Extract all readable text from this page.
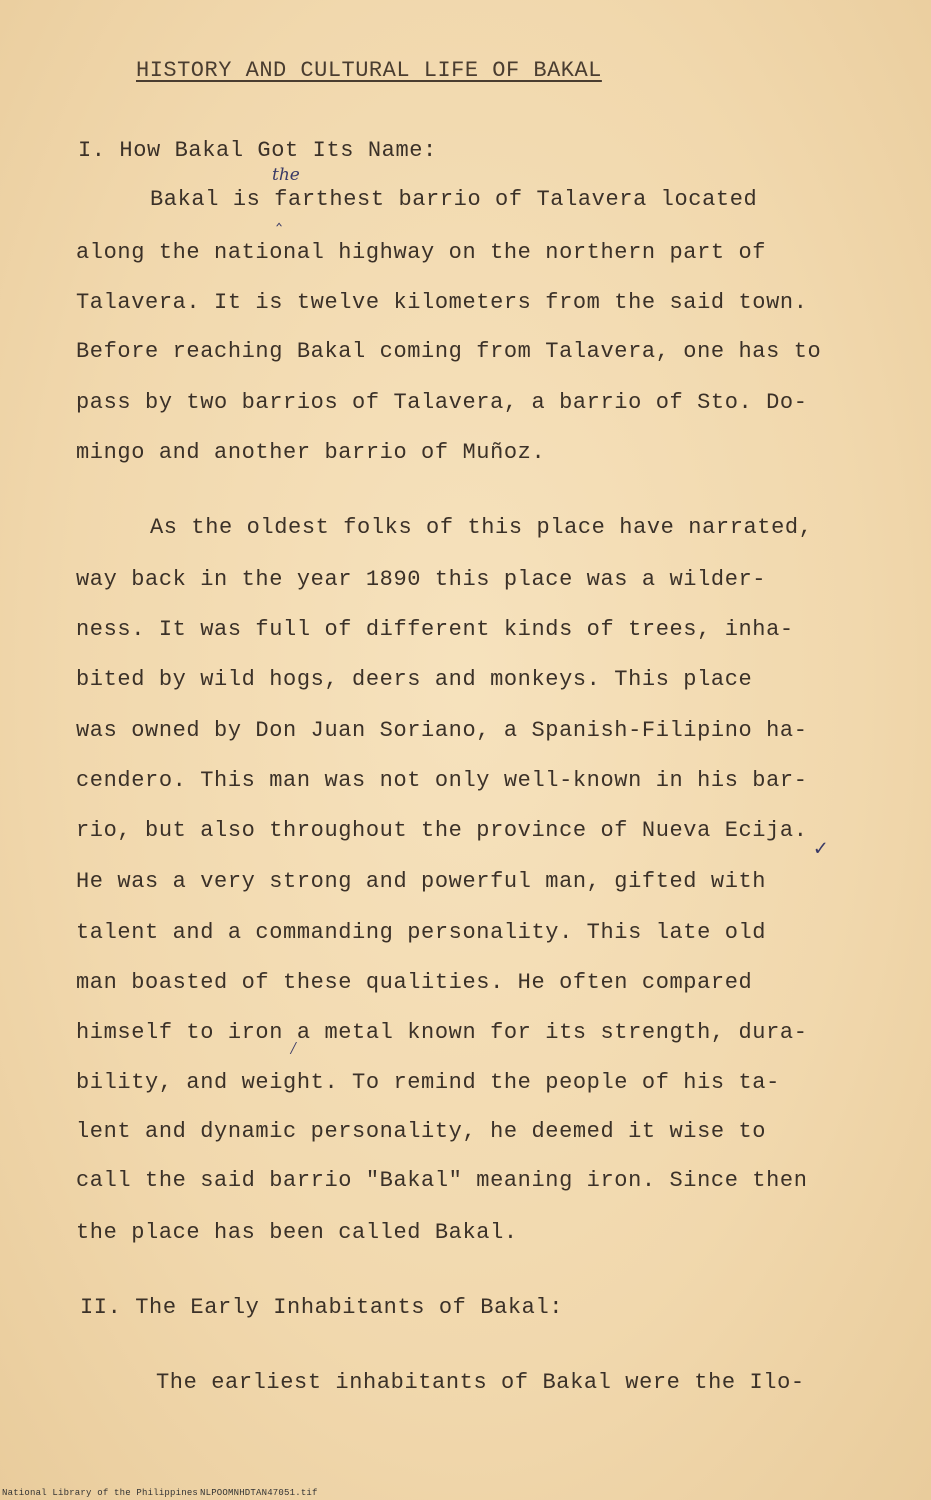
HISTORY AND CULTURAL LIFE OF BAKAL
I. How Bakal Got Its Name:
the
‸
Bakal is farthest barrio of Talavera located
along the national highway on the northern part of
Talavera. It is twelve kilometers from the said town.
Before reaching Bakal coming from Talavera, one has to
pass by two barrios of Talavera, a barrio of Sto. Do-
mingo and another barrio of Muñoz.
As the oldest folks of this place have narrated,
way back in the year 1890 this place was a wilder-
ness. It was full of different kinds of trees, inha-
bited by wild hogs, deers and monkeys. This place
was owned by Don Juan Soriano, a Spanish-Filipino ha-
cendero. This man was not only well-known in his bar-
rio, but also throughout the province of Nueva Ecija.
✓
He was a very strong and powerful man, gifted with
talent and a commanding personality. This late old
man boasted of these qualities. He often compared
himself to iron a metal known for its strength, dura-
⁄
bility, and weight. To remind the people of his ta-
lent and dynamic personality, he deemed it wise to
call the said barrio "Bakal" meaning iron. Since then
the place has been called Bakal.
II. The Early Inhabitants of Bakal:
The earliest inhabitants of Bakal were the Ilo-
National Library of the Philippines NLPOOMNHDTAN47051.tif
